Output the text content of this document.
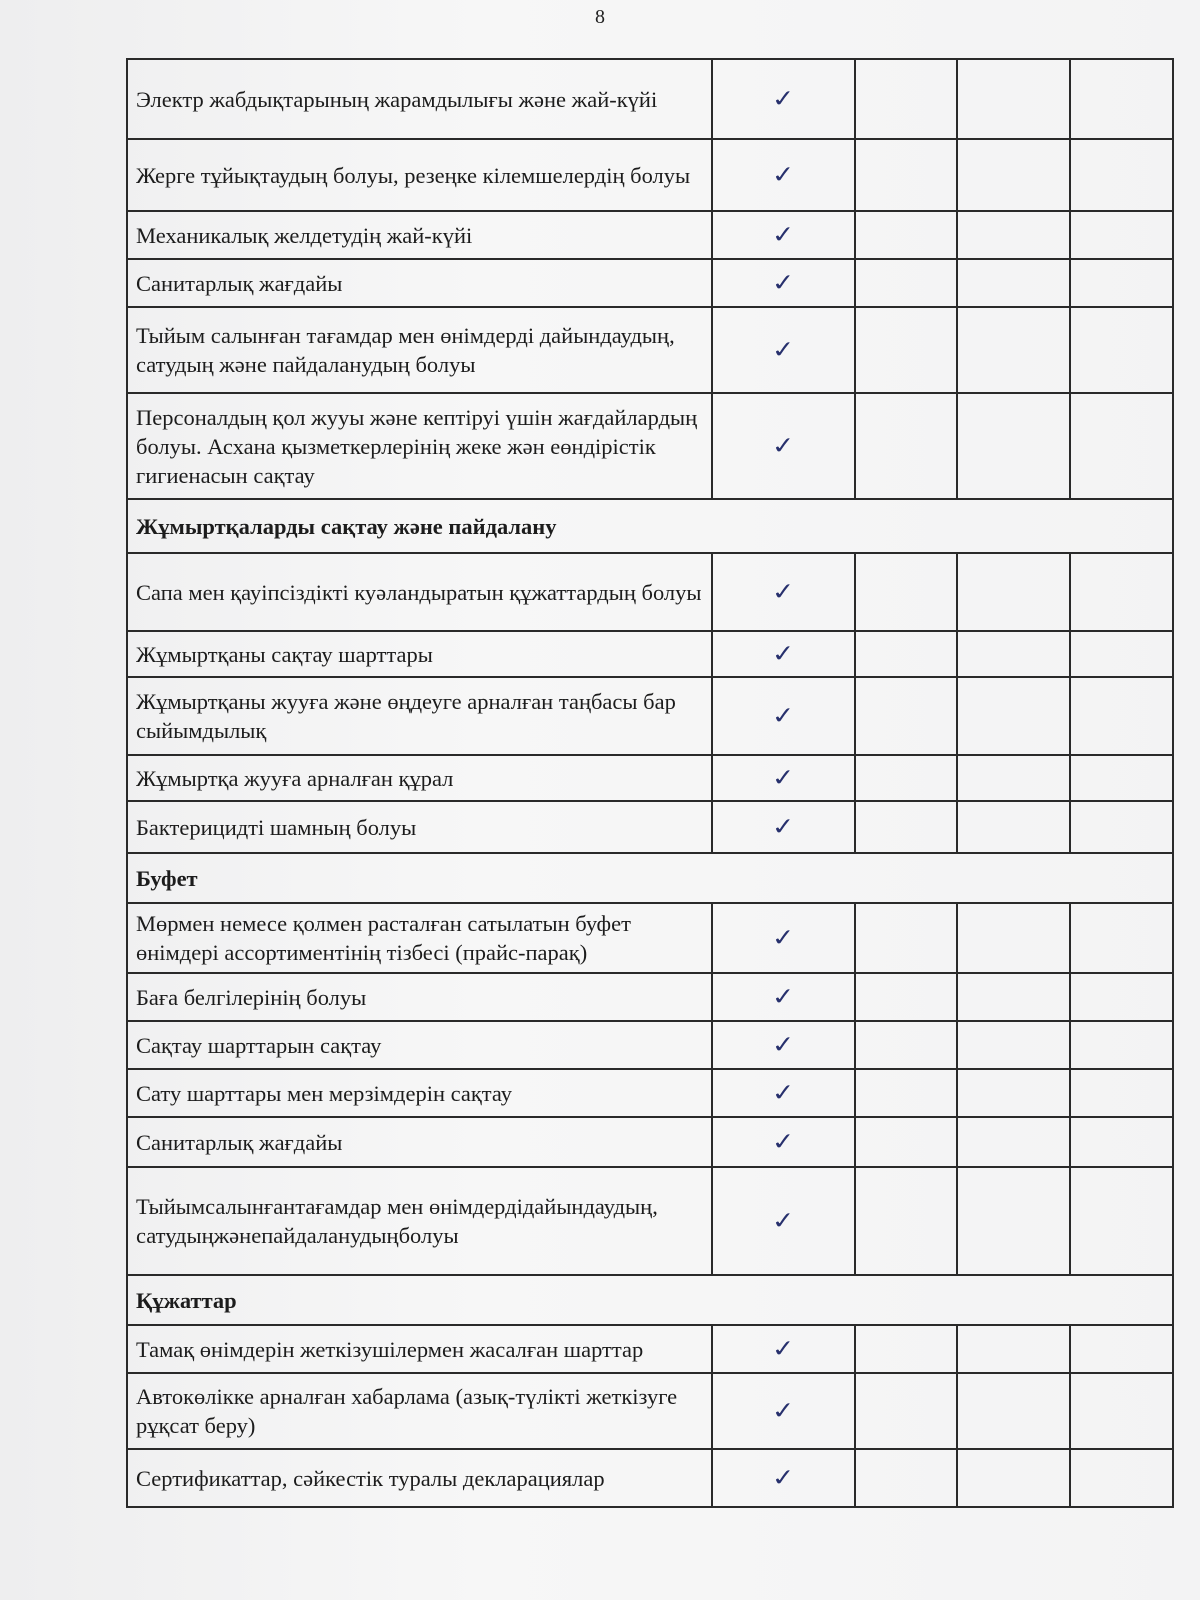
8
Электр жабдықтарының жарамдылығы және жай-күйі	✓			
Жерге тұйықтаудың болуы, резеңке кілемшелердің болуы	✓			
Механикалық желдетудің жай-күйі	✓			
Санитарлық жағдайы	✓			
Тыйым салынған тағамдар мен өнімдерді дайындаудың, сатудың және пайдаланудың болуы	✓			
Персоналдың қол жууы және кептіруі үшін жағдайлардың болуы. Асхана қызметкерлерінің жеке жән еөндірістік гигиенасын сақтау	✓			
Жұмыртқаларды сақтау және пайдалану				
Сапа мен қауіпсіздікті куәландыратын құжаттардың болуы	✓			
Жұмыртқаны сақтау шарттары	✓			
Жұмыртқаны жууға және өңдеуге арналған таңбасы бар сыйымдылық	✓			
Жұмыртқа жууға арналған құрал	✓			
Бактерицидті шамның болуы	✓			
Буфет				
Мөрмен немесе қолмен расталған сатылатын буфет өнімдері ассортиментінің тізбесі (прайс-парақ)	✓			
Баға белгілерінің болуы	✓			
Сақтау шарттарын сақтау	✓			
Сату шарттары мен мерзімдерін сақтау	✓			
Санитарлық жағдайы	✓			
Тыйымсалынғантағамдар мен өнімдердідайындаудың, сатудыңжәнепайдаланудыңболуы	✓			
Құжаттар				
Тамақ өнімдерін жеткізушілермен жасалған шарттар	✓			
Автокөлікке арналған хабарлама (азық-түлікті жеткізуге рұқсат беру)	✓			
Сертификаттар, сәйкестік туралы декларациялар	✓			
